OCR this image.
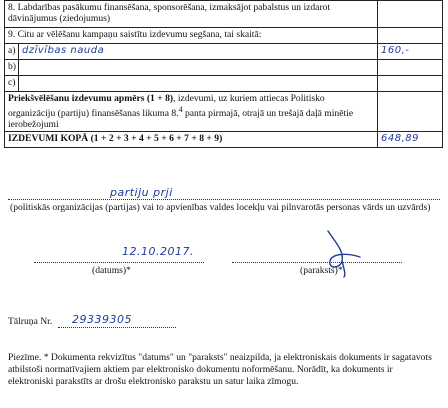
8. Labdarības pasākumu finansēšana, sponsorēšana, izmaksājot pabalstus un izdarot dāvinājumus (ziedojumus)		
9. Citu ar vēlēšanu kampaņu saistītu izdevumu segšana, tai skaitā:		
a)	dzīvības nauda	160,-
b)		
c)		
Priekšvēlēšanu izdevumu apmērs (1 + 8), izdevumi, uz kuriem attiecas Politisko organizāciju (partiju) finansēšanas likuma 8.$^4$ panta pirmajā, otrajā un trešajā daļā minētie ierobežojumi		
IZDEVUMI KOPĀ (1 + 2 + 3 + 4 + 5 + 6 + 7 + 8 + 9)		648,89
partiju prji
(politiskās organizācijas (partijas) vai to apvienības valdes locekļu vai pilnvarotās personas vārds un uzvārds)
12.10.2017.
(datums)*	(paraksts)*
Tālruņa Nr. 29339305
Piezīme. * Dokumenta rekvizītus "datums" un "paraksts" neaizpilda, ja elektroniskais dokuments ir sagatavots atbilstoši normatīvajiem aktiem par elektronisko dokumentu noformēšanu. Norādīt, ka dokuments ir elektroniski parakstīts ar drošu elektronisko parakstu un satur laika zīmogu.
